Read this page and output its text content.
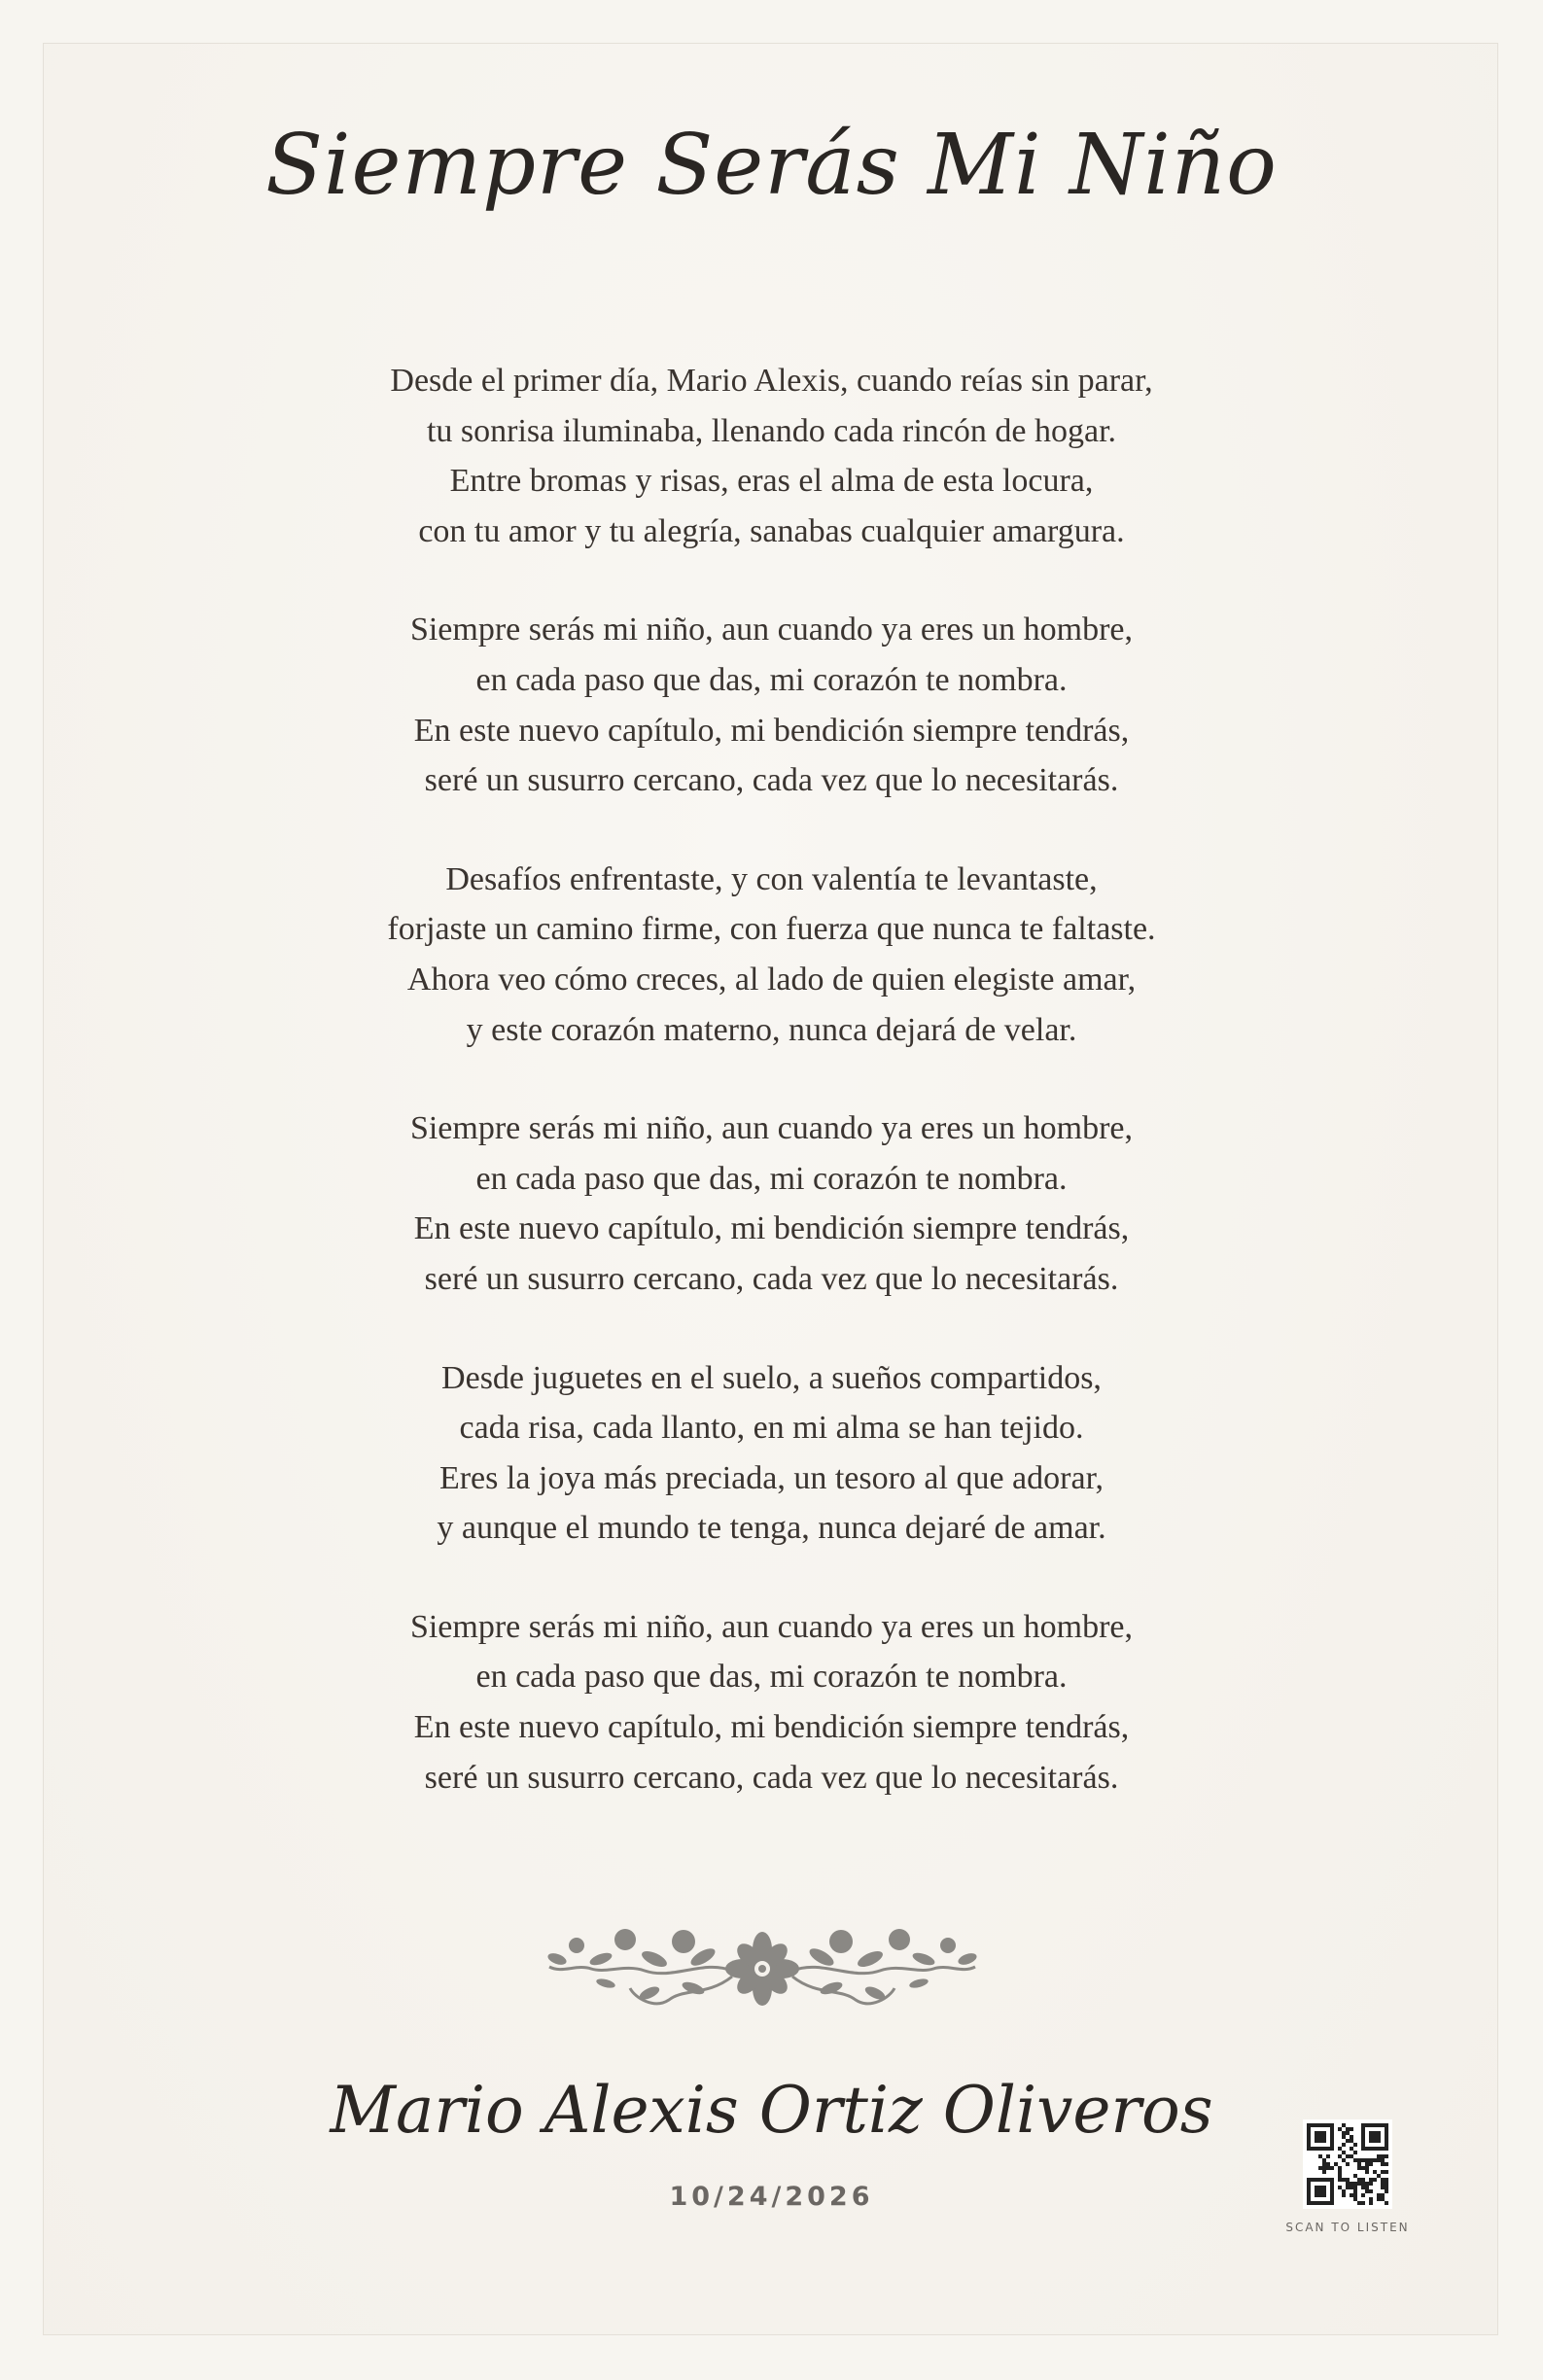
Siempre Serás Mi Niño
Desde el primer día, Mario Alexis, cuando reías sin parar,
tu sonrisa iluminaba, llenando cada rincón de hogar.
Entre bromas y risas, eras el alma de esta locura,
con tu amor y tu alegría, sanabas cualquier amargura.
Siempre serás mi niño, aun cuando ya eres un hombre,
en cada paso que das, mi corazón te nombra.
En este nuevo capítulo, mi bendición siempre tendrás,
seré un susurro cercano, cada vez que lo necesitarás.
Desafíos enfrentaste, y con valentía te levantaste,
forjaste un camino firme, con fuerza que nunca te faltaste.
Ahora veo cómo creces, al lado de quien elegiste amar,
y este corazón materno, nunca dejará de velar.
Siempre serás mi niño, aun cuando ya eres un hombre,
en cada paso que das, mi corazón te nombra.
En este nuevo capítulo, mi bendición siempre tendrás,
seré un susurro cercano, cada vez que lo necesitarás.
Desde juguetes en el suelo, a sueños compartidos,
cada risa, cada llanto, en mi alma se han tejido.
Eres la joya más preciada, un tesoro al que adorar,
y aunque el mundo te tenga, nunca dejaré de amar.
Siempre serás mi niño, aun cuando ya eres un hombre,
en cada paso que das, mi corazón te nombra.
En este nuevo capítulo, mi bendición siempre tendrás,
seré un susurro cercano, cada vez que lo necesitarás.
Mario Alexis Ortiz Oliveros
10/24/2026
SCAN TO LISTEN
